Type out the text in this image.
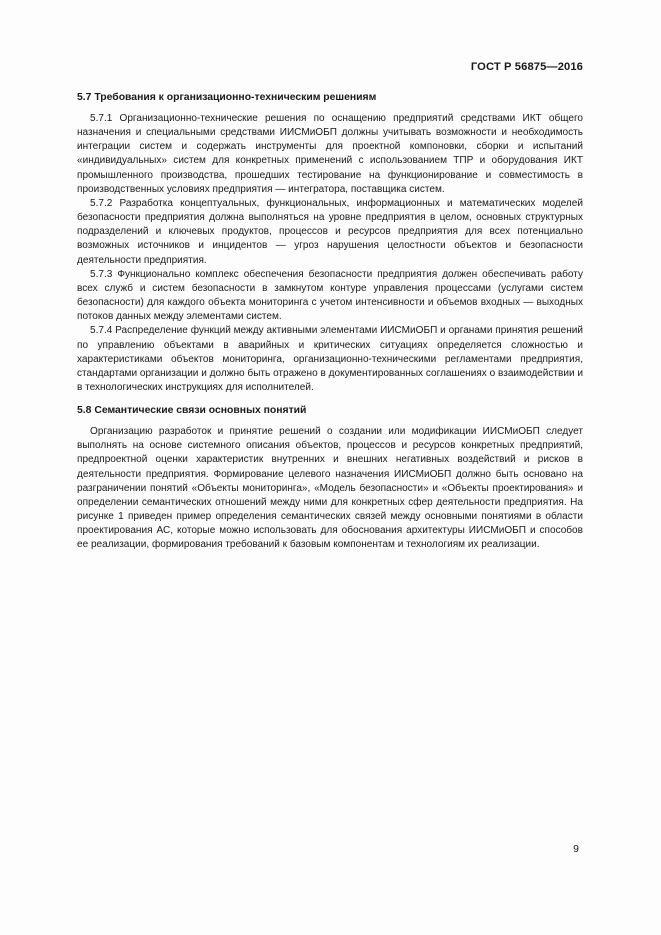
ГОСТ Р 56875—2016
5.7 Требования к организационно-техническим решениям

5.7.1 Организационно-технические решения по оснащению предприятий средствами ИКТ общего назначения и специальными средствами ИИСМиОБП должны учитывать возможности и необходимость интеграции систем и содержать инструменты для проектной компоновки, сборки и испытаний «индивидуальных» систем для конкретных применений с использованием ТПР и оборудования ИКТ промышленного производства, прошедших тестирование на функционирование и совместимость в производственных условиях предприятия — интегратора, поставщика систем.

5.7.2 Разработка концептуальных, функциональных, информационных и математических моделей безопасности предприятия должна выполняться на уровне предприятия в целом, основных структурных подразделений и ключевых продуктов, процессов и ресурсов предприятия для всех потенциально возможных источников и инцидентов — угроз нарушения целостности объектов и безопасности деятельности предприятия.

5.7.3 Функционально комплекс обеспечения безопасности предприятия должен обеспечивать работу всех служб и систем безопасности в замкнутом контуре управления процессами (услугами систем безопасности) для каждого объекта мониторинга с учетом интенсивности и объемов входных — выходных потоков данных между элементами систем.

5.7.4 Распределение функций между активными элементами ИИСМиОБП и органами принятия решений по управлению объектами в аварийных и критических ситуациях определяется сложностью и характеристиками объектов мониторинга, организационно-техническими регламентами предприятия, стандартами организации и должно быть отражено в документированных соглашениях о взаимодействии и в технологических инструкциях для исполнителей.

5.8 Семантические связи основных понятий

Организацию разработок и принятие решений о создании или модификации ИИСМиОБП следует выполнять на основе системного описания объектов, процессов и ресурсов конкретных предприятий, предпроектной оценки характеристик внутренних и внешних негативных воздействий и рисков в деятельности предприятия. Формирование целевого назначения ИИСМиОБП должно быть основано на разграничении понятий «Объекты мониторинга», «Модель безопасности» и «Объекты проектирования» и определении семантических отношений между ними для конкретных сфер деятельности предприятия. На рисунке 1 приведен пример определения семантических связей между основными понятиями в области проектирования АС, которые можно использовать для обоснования архитектуры ИИСМиОБП и способов ее реализации, формирования требований к базовым компонентам и технологиям их реализации.

9
